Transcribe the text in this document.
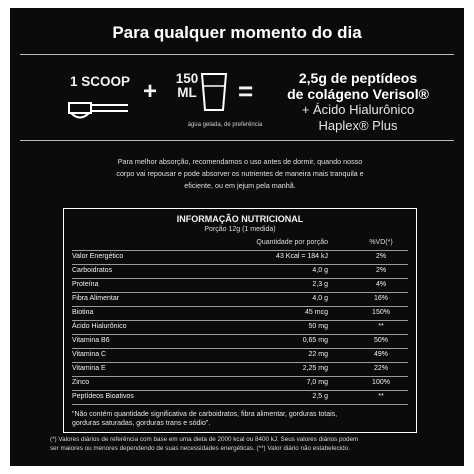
Para qualquer momento do dia
1 SCOOP +	150
ML
água gelada, de preferência
=	2,5g de peptídeos
de colágeno Verisol®
+ Ácido Hialurônico
Haplex® Plus
Para melhor absorção, recomendamos o uso antes de dormir, quando nosso
corpo vai repousar e pode absorver os nutrientes de maneira mais tranquila e
eficiente, ou em jejum pela manhã.
INFORMAÇÃO NUTRICIONAL
Porção 12g (1 medida)
Quantidade por porção	%VD(*)
Valor Energético	43 Kcal = 184 kJ	2%
Carboidratos	4,0 g	2%
Proteína	2,3 g	4%
Fibra Alimentar	4,0 g	16%
Biotina	45 mcg	150%
Ácido Hialurônico	50 mg	**
Vitamina B6	0,65 mg	50%
Vitamina C	22 mg	49%
Vitamina E	2,25 mg	22%
Zinco	7,0 mg	100%
Peptídeos Bioativos	2,5 g	**
"Não contém quantidade significativa de carboidratos, fibra alimentar, gorduras totais,
gorduras saturadas, gorduras trans e sódio".
(*) Valores diários de referência com base em uma dieta de 2000 kcal ou 8400 kJ. Seus valores diários podem
ser maiores ou menores dependendo de suas necessidades energéticas. (**) Valor diário não estabelecido.
